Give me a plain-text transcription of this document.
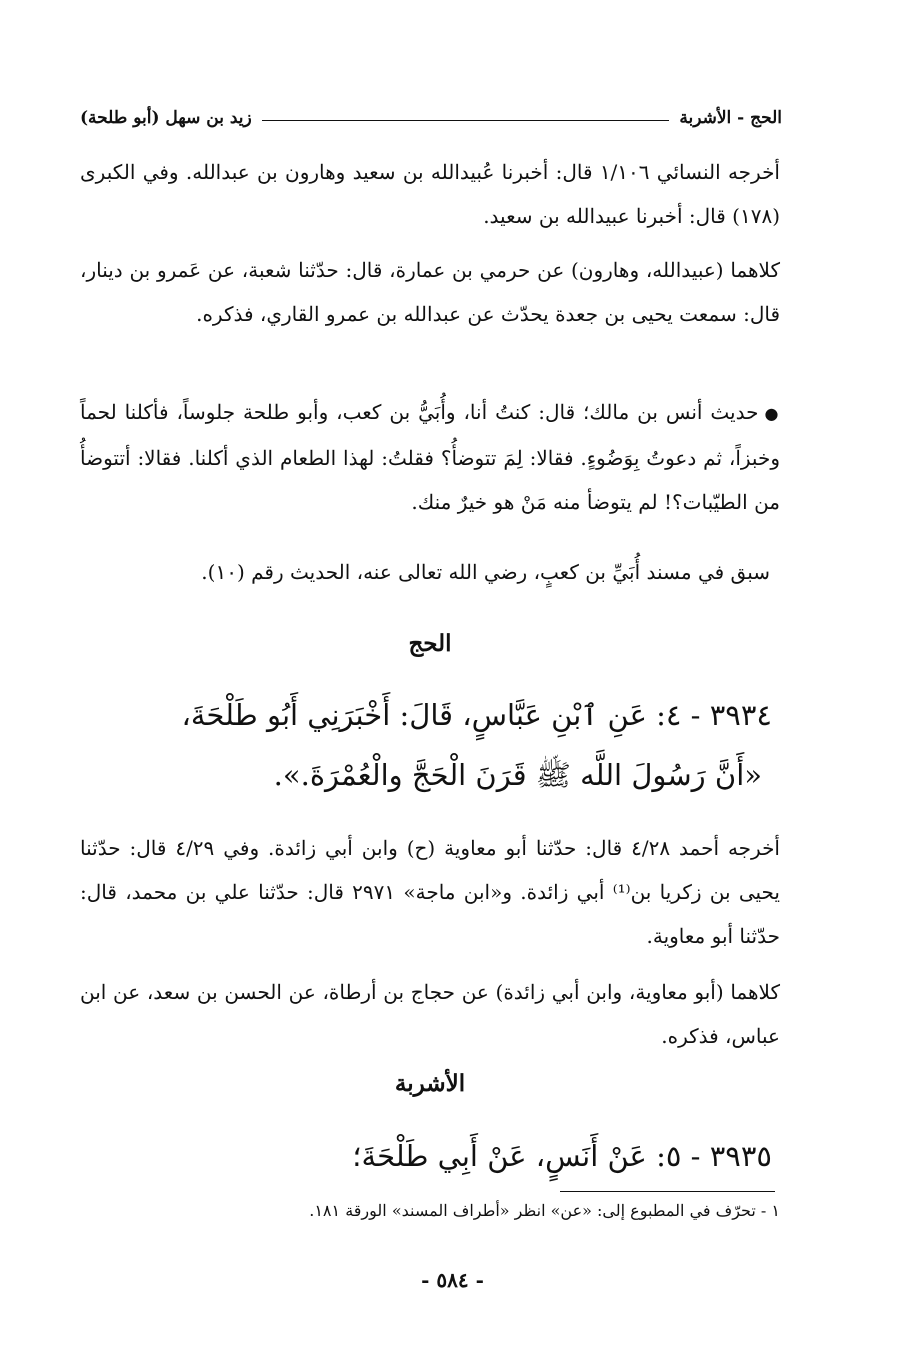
الحج - الأشربة
زيد بن سهل (أبو طلحة)

أخرجه النسائي ١/١٠٦ قال: أخبرنا عُبيدالله بن سعيد وهارون بن عبدالله. وفي الكبرى (١٧٨) قال: أخبرنا عبيدالله بن سعيد.

كلاهما (عبيدالله، وهارون) عن حرمي بن عمارة، قال: حدّثنا شعبة، عن عَمرو بن دينار، قال: سمعت يحيى بن جعدة يحدّث عن عبدالله بن عمرو القاري، فذكره.

●حديث أنس بن مالك؛ قال: كنتُ أنا، وأُبَيُّ بن كعب، وأبو طلحة جلوساً، فأكلنا لحماً وخبزاً، ثم دعوتُ بِوَضُوءٍ. فقالا: لِمَ تتوضأُ؟ فقلتُ: لهذا الطعام الذي أكلنا. فقالا: أتتوضأُ من الطيّبات؟! لم يتوضأ منه مَنْ هو خيرٌ منك.

سبق في مسند أُبَيِّ بن كعبٍ، رضي الله تعالى عنه، الحديث رقم (١٠).

الحج

٣٩٣٤ - ٤: عَنِ ٱبْنِ عَبَّاسٍ، قَالَ: أَخْبَرَنِي أَبُو طَلْحَةَ،

«أَنَّ رَسُولَ اللَّه ﷺ قَرَنَ الْحَجَّ والْعُمْرَةَ.».

أخرجه أحمد ٤/٢٨ قال: حدّثنا أبو معاوية (ح) وابن أبي زائدة. وفي ٤/٢٩ قال: حدّثنا يحيى بن زكريا بن⁽¹⁾ أبي زائدة. و«ابن ماجة» ٢٩٧١ قال: حدّثنا علي بن محمد، قال: حدّثنا أبو معاوية.

كلاهما (أبو معاوية، وابن أبي زائدة) عن حجاج بن أرطاة، عن الحسن بن سعد، عن ابن عباس، فذكره.

الأشربة

٣٩٣٥ - ٥: عَنْ أَنَسٍ، عَنْ أَبِي طَلْحَةَ؛

١ - تحرّف في المطبوع إلى: «عن» انظر «أطراف المسند» الورقة ١٨١.

- ٥٨٤ -
